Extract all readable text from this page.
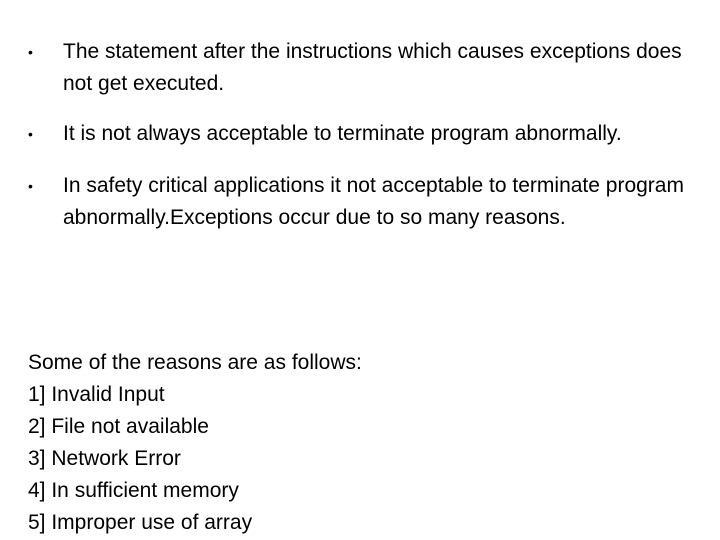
•	The statement after the instructions which causes exceptions does not get executed.
•	It is not always acceptable to terminate program abnormally.
•	In safety critical applications it not acceptable to terminate program abnormally.Exceptions occur due to so many reasons.
Some of the reasons are as follows:
1] Invalid Input
2] File not available
3] Network Error
4] In sufficient memory
5] Improper use of array
